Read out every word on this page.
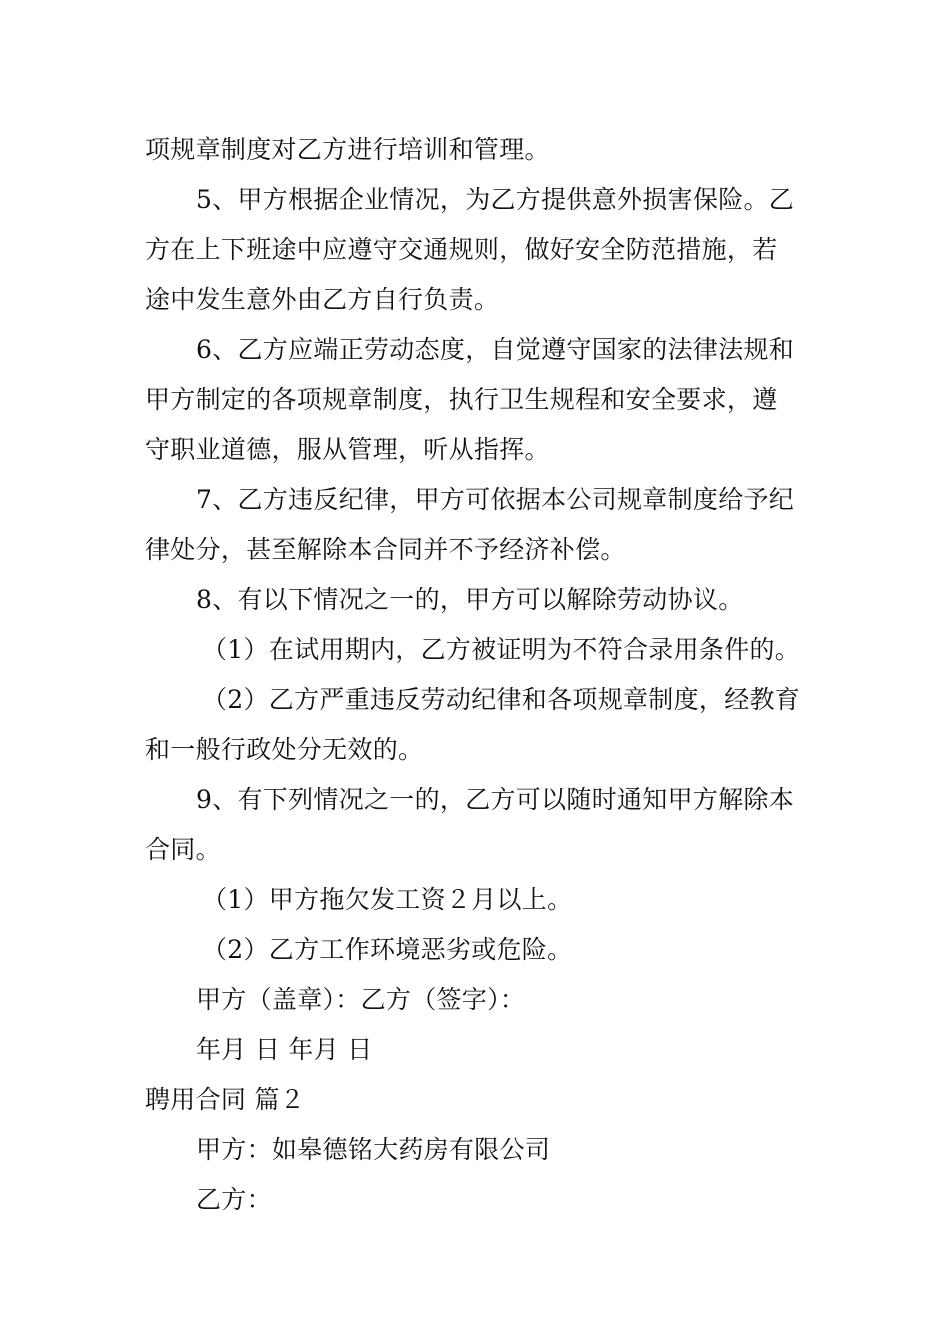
项规章制度对乙方进行培训和管理。
5、甲方根据企业情况，为乙方提供意外损害保险。乙
方在上下班途中应遵守交通规则，做好安全防范措施，若
途中发生意外由乙方自行负责。
6、乙方应端正劳动态度，自觉遵守国家的法律法规和
甲方制定的各项规章制度，执行卫生规程和安全要求，遵
守职业道德，服从管理，听从指挥。
7、乙方违反纪律，甲方可依据本公司规章制度给予纪
律处分，甚至解除本合同并不予经济补偿。
8、有以下情况之一的，甲方可以解除劳动协议。
（1）在试用期内，乙方被证明为不符合录用条件的。
（2）乙方严重违反劳动纪律和各项规章制度，经教育
和一般行政处分无效的。
9、有下列情况之一的，乙方可以随时通知甲方解除本
合同。
（1）甲方拖欠发工资２月以上。
（2）乙方工作环境恶劣或危险。
甲方（盖章）：乙方（签字）：
年月 日 年月 日
聘用合同 篇２
甲方：如皋德铭大药房有限公司
乙方：
